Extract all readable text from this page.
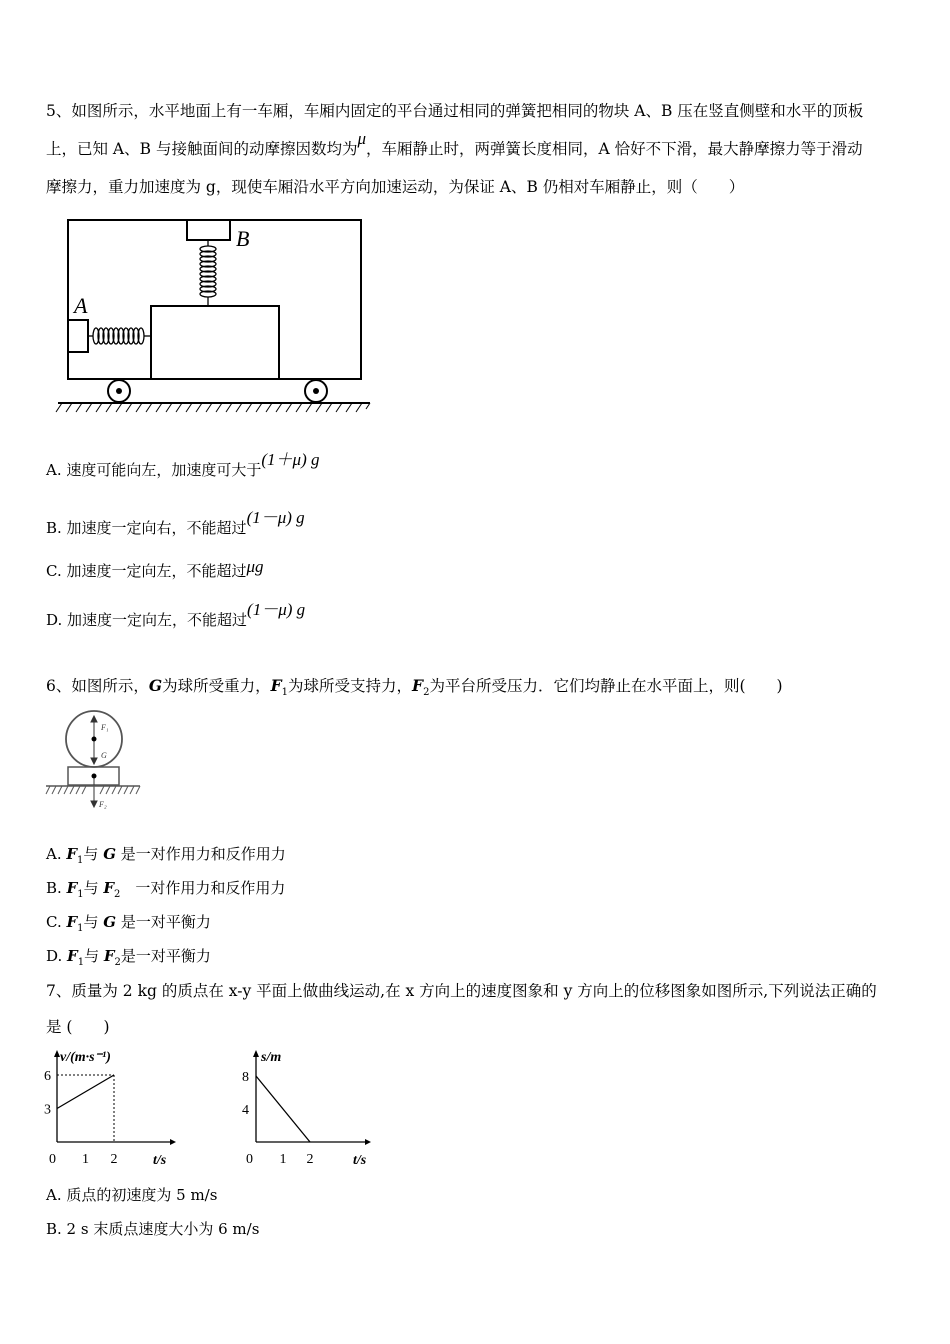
5、如图所示，水平地面上有一车厢，车厢内固定的平台通过相同的弹簧把相同的物块 A、B 压在竖直侧壁和水平的顶板
上，已知 A、B 与接触面间的动摩擦因数均为μ，车厢静止时，两弹簧长度相同，A 恰好不下滑，最大静摩擦力等于滑动
摩擦力，重力加速度为 g，现使车厢沿水平方向加速运动，为保证 A、B 仍相对车厢静止，则（　　）
B
A
A. 速度可能向左，加速度可大于(1＋μ) g
B. 加速度一定向右，不能超过(1－μ) g
C. 加速度一定向左，不能超过μg
D. 加速度一定向左，不能超过(1－μ) g
6、如图所示，G为球所受重力，$F_1$为球所受支持力，$F_2$为平台所受压力．它们均静止在水平面上，则(　　)
F₁
G
F₂
A. $F_1$与 G 是一对作用力和反作用力
B. $F_1$与 $F_2$　一对作用力和反作用力
C. $F_1$与 G 是一对平衡力
D. $F_1$与 $F_2$是一对平衡力
7、质量为 2 kg 的质点在 x-y 平面上做曲线运动,在 x 方向上的速度图象和 y 方向上的位移图象如图所示,下列说法正确的
是 (　　)
v/(m·s⁻¹)
t/s
0 1 2
3
6
s/m
t/s
0 1 2
4
8
A. 质点的初速度为 5 m/s
B. 2 s 末质点速度大小为 6 m/s
